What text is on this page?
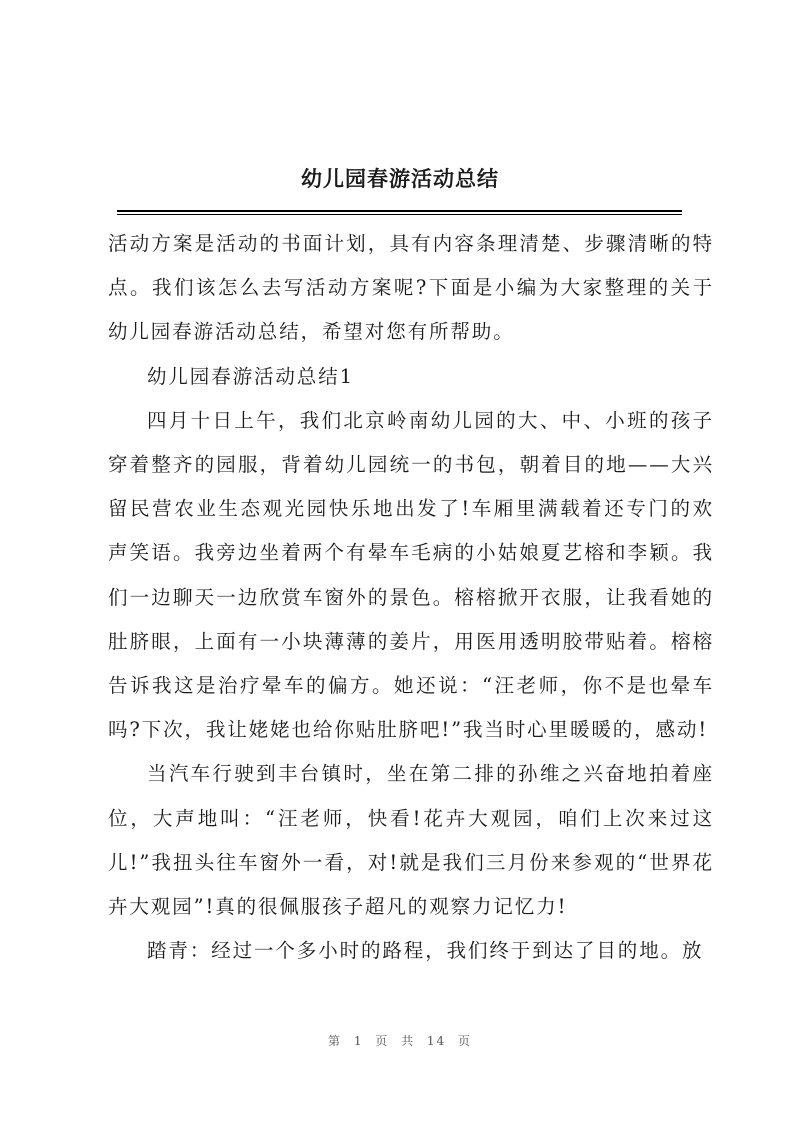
幼儿园春游活动总结

活动方案是活动的书面计划，具有内容条理清楚、步骤清晰的特点。我们该怎么去写活动方案呢?下面是小编为大家整理的关于幼儿园春游活动总结，希望对您有所帮助。

幼儿园春游活动总结1

四月十日上午，我们北京岭南幼儿园的大、中、小班的孩子穿着整齐的园服，背着幼儿园统一的书包，朝着目的地——大兴留民营农业生态观光园快乐地出发了!车厢里满载着还专门的欢声笑语。我旁边坐着两个有晕车毛病的小姑娘夏艺榕和李颖。我们一边聊天一边欣赏车窗外的景色。榕榕掀开衣服，让我看她的肚脐眼，上面有一小块薄薄的姜片，用医用透明胶带贴着。榕榕告诉我这是治疗晕车的偏方。她还说：“汪老师，你不是也晕车吗?下次，我让姥姥也给你贴肚脐吧!”我当时心里暖暖的，感动!

当汽车行驶到丰台镇时，坐在第二排的孙维之兴奋地拍着座位，大声地叫：“汪老师，快看!花卉大观园，咱们上次来过这儿!”我扭头往车窗外一看，对!就是我们三月份来参观的“世界花卉大观园”!真的很佩服孩子超凡的观察力记忆力!

踏青：经过一个多小时的路程，我们终于到达了目的地。放

第 1 页 共 14 页
